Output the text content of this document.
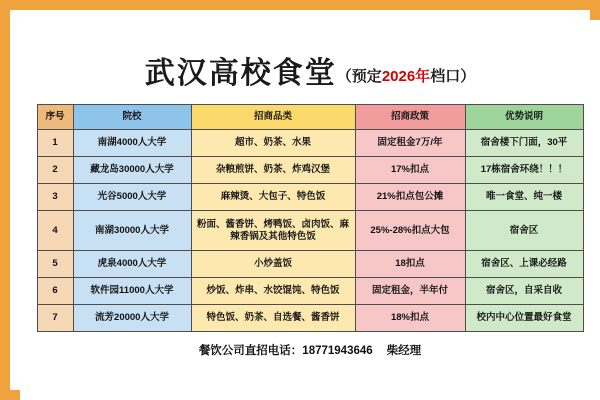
武汉高校食堂（预定2026年档口）
序号	院校	招商品类	招商政策	优势说明
1	南湖4000人大学	超市、奶茶、水果	固定租金7万/年	宿舍楼下门面，30平
2	藏龙岛30000人大学	杂粮煎饼、奶茶、炸鸡汉堡	17%扣点	17栋宿舍环绕！！！
3	光谷5000人大学	麻辣烫、大包子、特色饭	21%扣点包公摊	唯一食堂、纯一楼
4	南湖30000人大学	粉面、酱香饼、烤鸭饭、卤肉饭、麻辣香锅及其他特色饭	25%-28%扣点大包	宿舍区
5	虎泉4000人大学	小炒盖饭	18扣点	宿舍区、上课必经路
6	软件园11000人大学	炒饭、炸串、水饺馄饨、特色饭	固定租金，半年付	宿舍区，自采自收
7	流芳20000人大学	特色饭、奶茶、自选餐、酱香饼	18%扣点	校内中心位置最好食堂
餐饮公司直招电话：18771943646 柴经理
